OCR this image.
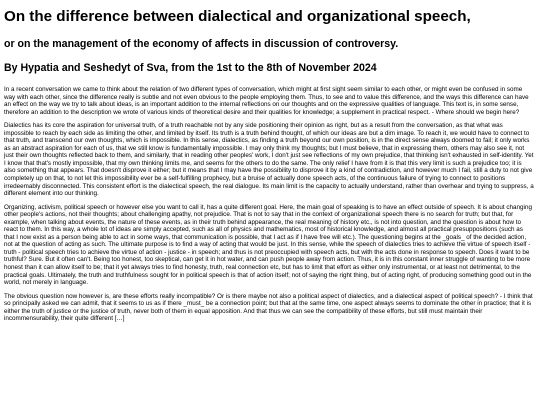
On the difference between dialectical and organizational speech,
or on the management of the economy of affects in discussion of controversy.
By Hypatia and Seshedyt of Sva, from the 1st to the 8th of November 2024

In a recent conversation we came to think about the relation of two different types of conversation, which might at first sight seem similar to each other, or might even be confused in some way with each other, since the difference really is subtle and not even obvious to the people employing them. Thus, to see and to value this difference, and the ways this difference can have an effect on the way we try to talk about ideas, is an important addition to the internal reflections on our thoughts and on the expressive qualities of language. This text is, in some sense, therefore an addition to the description we wrote of various kinds of theoretical desire and their qualities for knowledge; a supplement in practical respect. - Where should we begin here?

Dialectics has its core the aspiration for universal truth, of a truth reachable not by any side positioning their opinion as right, but as a result from the conversation, as that what was impossible to reach by each side as limiting the other, and limited by itself. Its truth is a truth behind thought, of which our ideas are but a dim image. To reach it, we would have to connect to that truth, and transcend our own thoughts, which is impossible. In this sense, dialectics, as finding a truth beyond our own position, is in the direct sense always doomed to fail; it only works as an abstract aspiration for each of us, that we still know is fundamentally impossible. I may only think my thoughts; but I must believe, that in expressing them, others may also see it, not just their own thoughts reflected back to them, and similarly, that in reading other peoples' work, I don't just see reflections of my own prejudice, that thinking isn't exhausted in self-identity. Yet I know that that's mostly impossible, that my own thinking limits me, and seems for the others to do the same. The only relief I have from it is that this very limit is such a prejudice too; it is also something that appears. That doesn't disprove it either; but it means that I may have the possibility to disprove it by a kind of contradiction, and however much I fail, still a duty to not give completely up on that, to not let this impossibility ever be a self-fulfilling prophecy, but a bruise of actually done speech acts, of the continuous failure of trying to connect to positions irredeemably disconnected. This consistent effort is the dialectical speech, the real dialogue. Its main limit is the capacity to actually understand, rather than overhear and trying to suppress, a different element into our thinking.

Organizing, activism, political speech or however else you want to call it, has a quite different goal. Here, the main goal of speaking is to have an effect outside of speech. It is about changing other people's actions, not their thoughts; about challenging apathy, not prejudice. That is not to say that in the context of organizational speech there is no search for truth; but that, for example, when talking about events, the nature of these events, as in their truth behind appearance, the real meaning of history etc., is not into question, and the question is about how to react to them. In this way, a whole lot of ideas are simply accepted, such as all of physics and mathematics, most of historical knowledge, and almost all practical presuppositions (such as that I now exist as a person being able to act in some ways, that communication is possible, that I act as if I have free will etc.). The questioning begins at the _goals_ of the decided action, not at the question of acting as such. The ultimate purpose is to find a way of acting that would be just. In this sense, while the speech of dialectics tries to achieve the virtue of speech itself - truth - political speech tries to achieve the virtue of action - justice - in speech; and thus is not preoccupied with speech acts, but with the acts done in response to speech. Does it want to be truthful? Sure. But it often can't. Being too honest, too skeptical, can get it in hot water, and can push people away from action. Thus, it is in this constant inner struggle of wanting to be more honest than it can allow itself to be; that it yet always tries to find honesty, truth, real connection etc, but has to limit that effort as either only instrumental, or at least not detrimental, to the practical goals. Ultimately, the truth and truthfulness sought for in political speech is that of action itself; not of saying the right thing, but of acting right, of producing something good out in the world, not merely in language.

The obvious question now however is, are these efforts really incompatible? Or is there maybe not also a political aspect of dialectics, and a dialectical aspect of political speech? - I think that so principally asked we can admit, that it seems to us as if there _must_ be a connection point; but that at the same time, one aspect always seems to dominate the other in practice; that it is either the truth of justice or the justice of truth, never both of them in equal apposition. And that thus we can see the compatibility of these efforts, but still must maintain their incommensurability, their quite different […]
